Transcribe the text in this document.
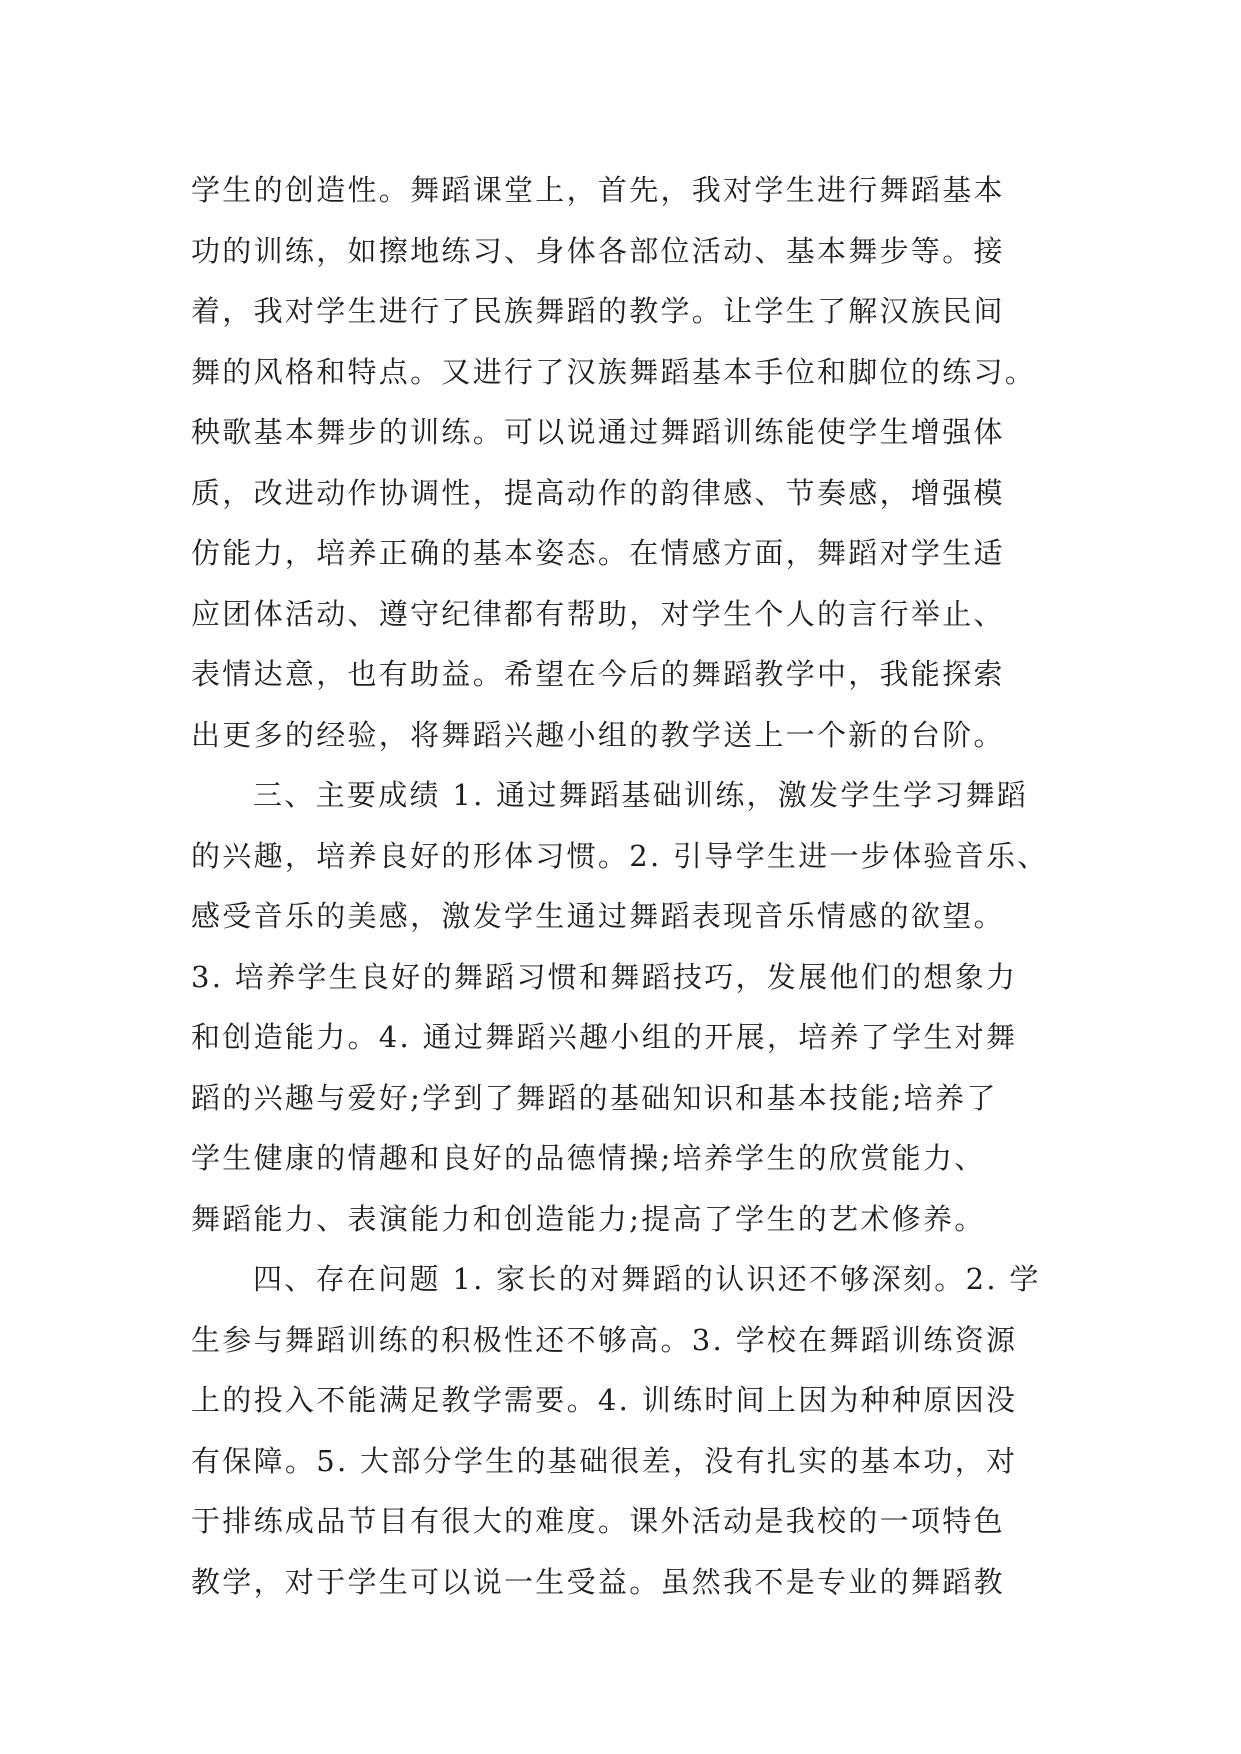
学生的创造性。舞蹈课堂上，首先，我对学生进行舞蹈基本
功的训练，如擦地练习、身体各部位活动、基本舞步等。接
着，我对学生进行了民族舞蹈的教学。让学生了解汉族民间
舞的风格和特点。又进行了汉族舞蹈基本手位和脚位的练习。
秧歌基本舞步的训练。可以说通过舞蹈训练能使学生增强体
质，改进动作协调性，提高动作的韵律感、节奏感，增强模
仿能力，培养正确的基本姿态。在情感方面，舞蹈对学生适
应团体活动、遵守纪律都有帮助，对学生个人的言行举止、
表情达意，也有助益。希望在今后的舞蹈教学中，我能探索
出更多的经验，将舞蹈兴趣小组的教学送上一个新的台阶。
三、主要成绩 1. 通过舞蹈基础训练，激发学生学习舞蹈
的兴趣，培养良好的形体习惯。2. 引导学生进一步体验音乐、
感受音乐的美感，激发学生通过舞蹈表现音乐情感的欲望。
3. 培养学生良好的舞蹈习惯和舞蹈技巧，发展他们的想象力
和创造能力。4. 通过舞蹈兴趣小组的开展，培养了学生对舞
蹈的兴趣与爱好;学到了舞蹈的基础知识和基本技能;培养了
学生健康的情趣和良好的品德情操;培养学生的欣赏能力、
舞蹈能力、表演能力和创造能力;提高了学生的艺术修养。
四、存在问题 1. 家长的对舞蹈的认识还不够深刻。2. 学
生参与舞蹈训练的积极性还不够高。3. 学校在舞蹈训练资源
上的投入不能满足教学需要。4. 训练时间上因为种种原因没
有保障。5. 大部分学生的基础很差，没有扎实的基本功，对
于排练成品节目有很大的难度。课外活动是我校的一项特色
教学，对于学生可以说一生受益。虽然我不是专业的舞蹈教
